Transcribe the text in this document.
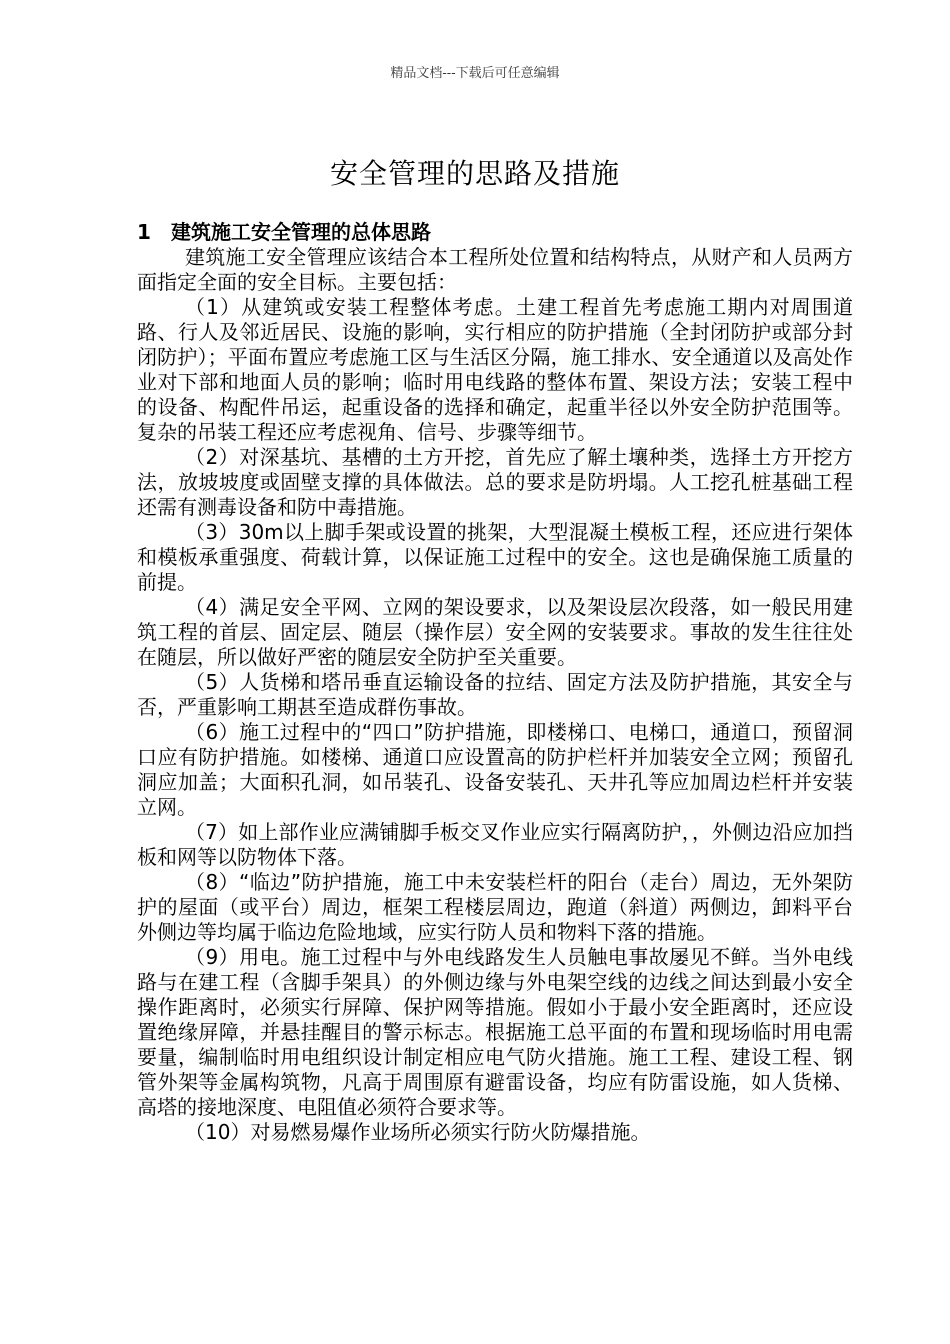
精品文档---下载后可任意编辑
安全管理的思路及措施
1 建筑施工安全管理的总体思路

建筑施工安全管理应该结合本工程所处位置和结构特点，从财产和人员两方面指定全面的安全目标。主要包括：

（1）从建筑或安装工程整体考虑。土建工程首先考虑施工期内对周围道路、行人及邻近居民、设施的影响，实行相应的防护措施（全封闭防护或部分封闭防护）；平面布置应考虑施工区与生活区分隔，施工排水、安全通道以及高处作业对下部和地面人员的影响；临时用电线路的整体布置、架设方法；安装工程中的设备、构配件吊运，起重设备的选择和确定，起重半径以外安全防护范围等。复杂的吊装工程还应考虑视角、信号、步骤等细节。

（2）对深基坑、基槽的土方开挖，首先应了解土壤种类，选择土方开挖方法，放坡坡度或固壁支撑的具体做法。总的要求是防坍塌。人工挖孔桩基础工程还需有测毒设备和防中毒措施。

（3）30m以上脚手架或设置的挑架，大型混凝土模板工程，还应进行架体和模板承重强度、荷载计算，以保证施工过程中的安全。这也是确保施工质量的前提。

（4）满足安全平网、立网的架设要求，以及架设层次段落，如一般民用建筑工程的首层、固定层、随层（操作层）安全网的安装要求。事故的发生往往处在随层，所以做好严密的随层安全防护至关重要。

（5）人货梯和塔吊垂直运输设备的拉结、固定方法及防护措施，其安全与否，严重影响工期甚至造成群伤事故。

（6）施工过程中的“四口”防护措施，即楼梯口、电梯口，通道口，预留洞口应有防护措施。如楼梯、通道口应设置高的防护栏杆并加装安全立网；预留孔洞应加盖；大面积孔洞，如吊装孔、设备安装孔、天井孔等应加周边栏杆并安装立网。

（7）如上部作业应满铺脚手板交叉作业应实行隔离防护，，外侧边沿应加挡板和网等以防物体下落。

（8）“临边”防护措施，施工中未安装栏杆的阳台（走台）周边，无外架防护的屋面（或平台）周边，框架工程楼层周边，跑道（斜道）两侧边，卸料平台外侧边等均属于临边危险地域，应实行防人员和物料下落的措施。

（9）用电。施工过程中与外电线路发生人员触电事故屡见不鲜。当外电线路与在建工程（含脚手架具）的外侧边缘与外电架空线的边线之间达到最小安全操作距离时，必须实行屏障、保护网等措施。假如小于最小安全距离时，还应设置绝缘屏障，并悬挂醒目的警示标志。根据施工总平面的布置和现场临时用电需要量，编制临时用电组织设计制定相应电气防火措施。施工工程、建设工程、钢管外架等金属构筑物，凡高于周围原有避雷设备，均应有防雷设施，如人货梯、高塔的接地深度、电阻值必须符合要求等。

（10）对易燃易爆作业场所必须实行防火防爆措施。
